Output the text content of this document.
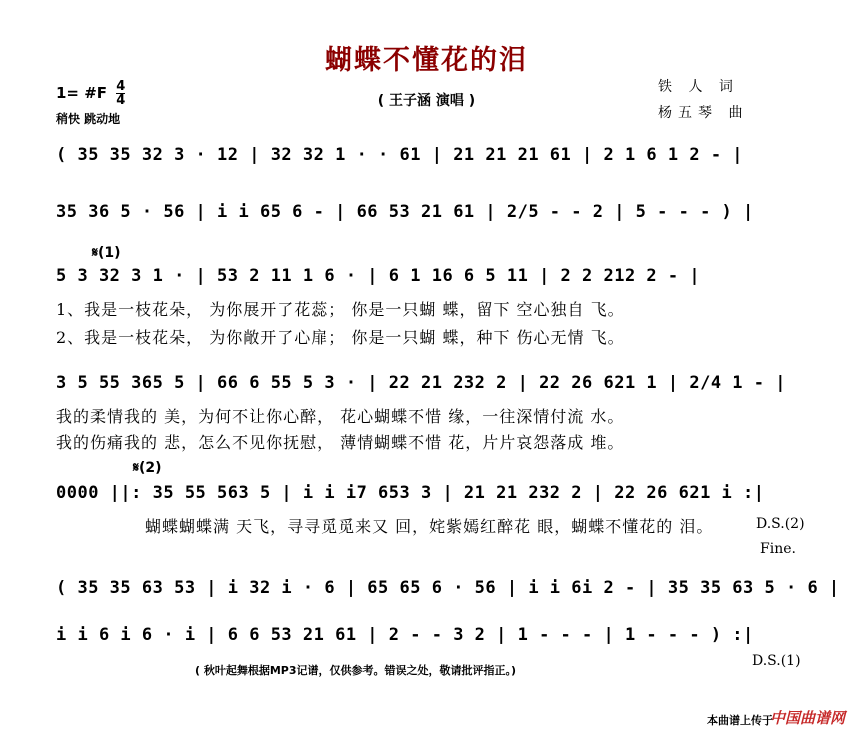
蝴蝶不懂花的泪
( 王子涵 演唱 )
1= #F $\frac{4}{4}$
稍快 跳动地
铁 人 词
杨五琴 曲
( 35 35 32 3 · 12 | 32 32 1 · · 61 | 21 21 21 61 | 2 1 6 1 2 - |
35 36 5 · 56 | i i 65 6 - | 66 53 21 61 | 2/5 - - 2 | 5 - - - ) |
5 3 32 3 1 · | 53 2 11 1 6 · | 6 1 16 6 5 11 | 2 2 212 2 - |
1、我是一枝花朵， 为你展开了花蕊； 你是一只蝴 蝶，留下 空心独自 飞。
2、我是一枝花朵， 为你敞开了心扉； 你是一只蝴 蝶，种下 伤心无情 飞。
3 5 55 365 5 | 66 6 55 5 3 · | 22 21 232 2 | 22 26 621 1 | 2/4 1 - |
我的柔情我的 美，为何不让你心醉， 花心蝴蝶不惜 缘，一往深情付流 水。
我的伤痛我的 悲，怎么不见你抚慰， 薄情蝴蝶不惜 花，片片哀怨落成 堆。
0000 ||: 35 55 563 5 | i i i7 653 3 | 21 21 232 2 | 22 26 621 i :|
蝴蝶蝴蝶满 天飞，寻寻觅觅来又 回，姹紫嫣红醉花 眼，蝴蝶不懂花的 泪。
( 35 35 63 53 | i 32 i · 6 | 65 65 6 · 56 | i i 6i 2 - | 35 35 63 5 · 6 |
i i 6 i 6 · i | 6 6 53 21 61 | 2 - - 3 2 | 1 - - - | 1 - - - ) :|
𝄋(1)
𝄋(2)
D.S.(2)
Fine.
D.S.(1)
( 秋叶起舞根据MP3记谱，仅供参考。错误之处，敬请批评指正。)
本曲谱上传于
中国曲谱网
